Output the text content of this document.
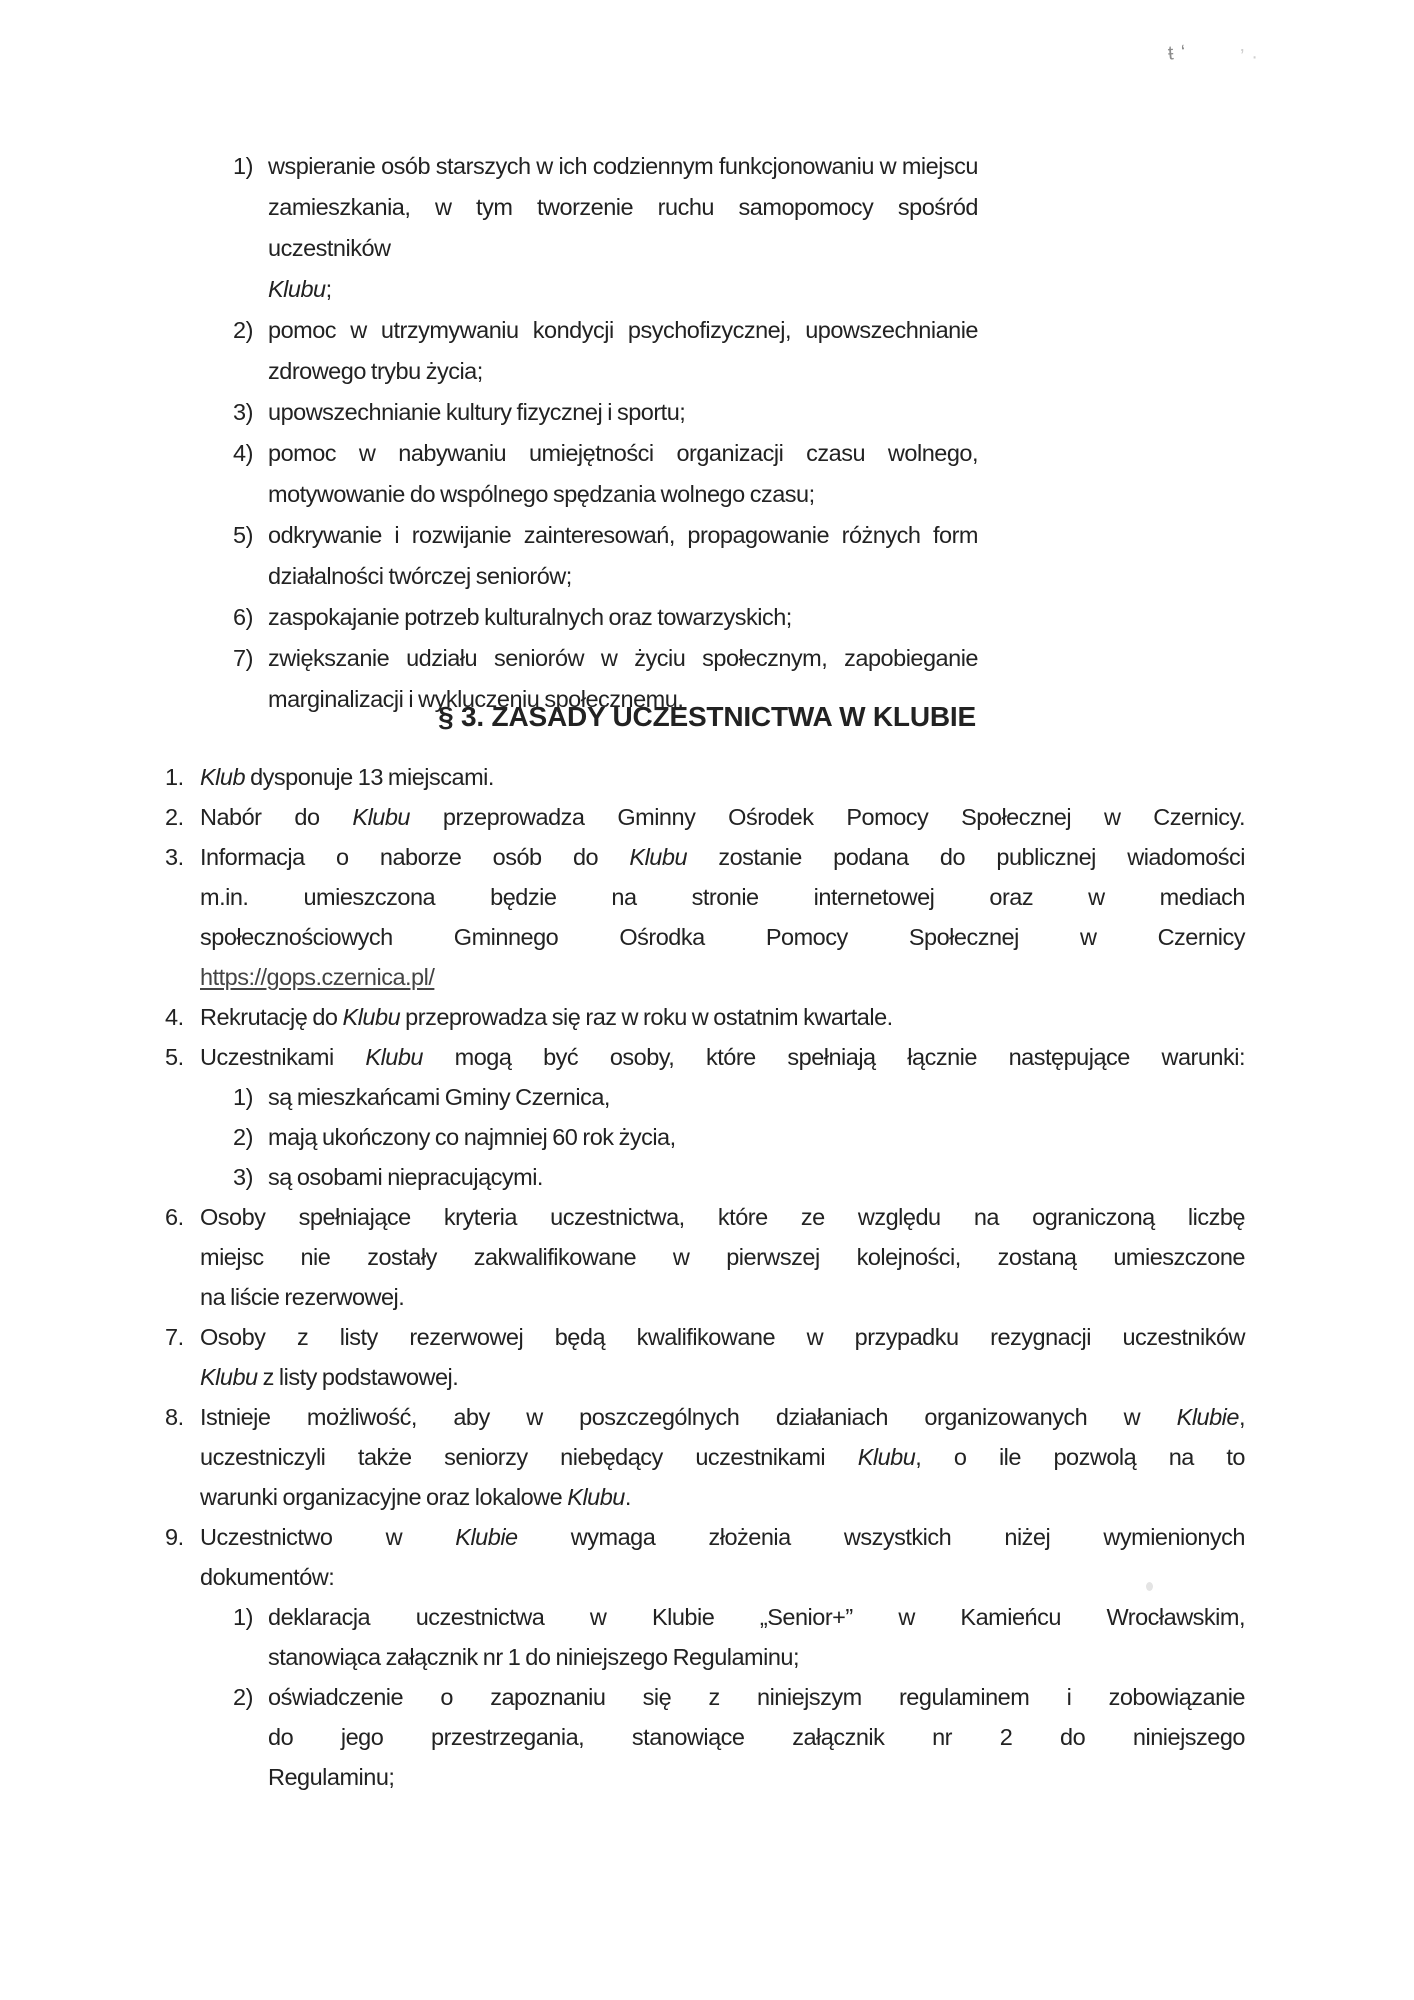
ŧ ‘	’ ·
1) wspieranie osób starszych w ich codziennym funkcjonowaniu w miejscu
zamieszkania, w tym tworzenie ruchu samopomocy spośród uczestników
Klubu;
2) pomoc w utrzymywaniu kondycji psychofizycznej, upowszechnianie
zdrowego trybu życia;
3) upowszechnianie kultury fizycznej i sportu;
4) pomoc w nabywaniu umiejętności organizacji czasu wolnego,
motywowanie do wspólnego spędzania wolnego czasu;
5) odkrywanie i rozwijanie zainteresowań, propagowanie różnych form
działalności twórczej seniorów;
6) zaspokajanie potrzeb kulturalnych oraz towarzyskich;
7) zwiększanie udziału seniorów w życiu społecznym, zapobieganie
marginalizacji i wykluczeniu społecznemu.
§ 3. ZASADY UCZESTNICTWA W KLUBIE
1. Klub dysponuje 13 miejscami.
2. Nabór do Klubu przeprowadza Gminny Ośrodek Pomocy Społecznej w Czernicy.
3. Informacja o naborze osób do Klubu zostanie podana do publicznej wiadomości
m.in. umieszczona będzie na stronie internetowej oraz w mediach
społecznościowych Gminnego Ośrodka Pomocy Społecznej w Czernicy
https://gops.czernica.pl/
4. Rekrutację do Klubu przeprowadza się raz w roku w ostatnim kwartale.
5. Uczestnikami Klubu mogą być osoby, które spełniają łącznie następujące warunki:
1) są mieszkańcami Gminy Czernica,
2) mają ukończony co najmniej 60 rok życia,
3) są osobami niepracującymi.
6. Osoby spełniające kryteria uczestnictwa, które ze względu na ograniczoną liczbę
miejsc nie zostały zakwalifikowane w pierwszej kolejności, zostaną umieszczone
na liście rezerwowej.
7. Osoby z listy rezerwowej będą kwalifikowane w przypadku rezygnacji uczestników
Klubu z listy podstawowej.
8. Istnieje możliwość, aby w poszczególnych działaniach organizowanych w Klubie,
uczestniczyli także seniorzy niebędący uczestnikami Klubu, o ile pozwolą na to
warunki organizacyjne oraz lokalowe Klubu.
9. Uczestnictwo w Klubie wymaga złożenia wszystkich niżej wymienionych
dokumentów:
1) deklaracja uczestnictwa w Klubie „Senior+” w Kamieńcu Wrocławskim,
stanowiąca załącznik nr 1 do niniejszego Regulaminu;
2) oświadczenie o zapoznaniu się z niniejszym regulaminem i zobowiązanie
do jego przestrzegania, stanowiące załącznik nr 2 do niniejszego
Regulaminu;
